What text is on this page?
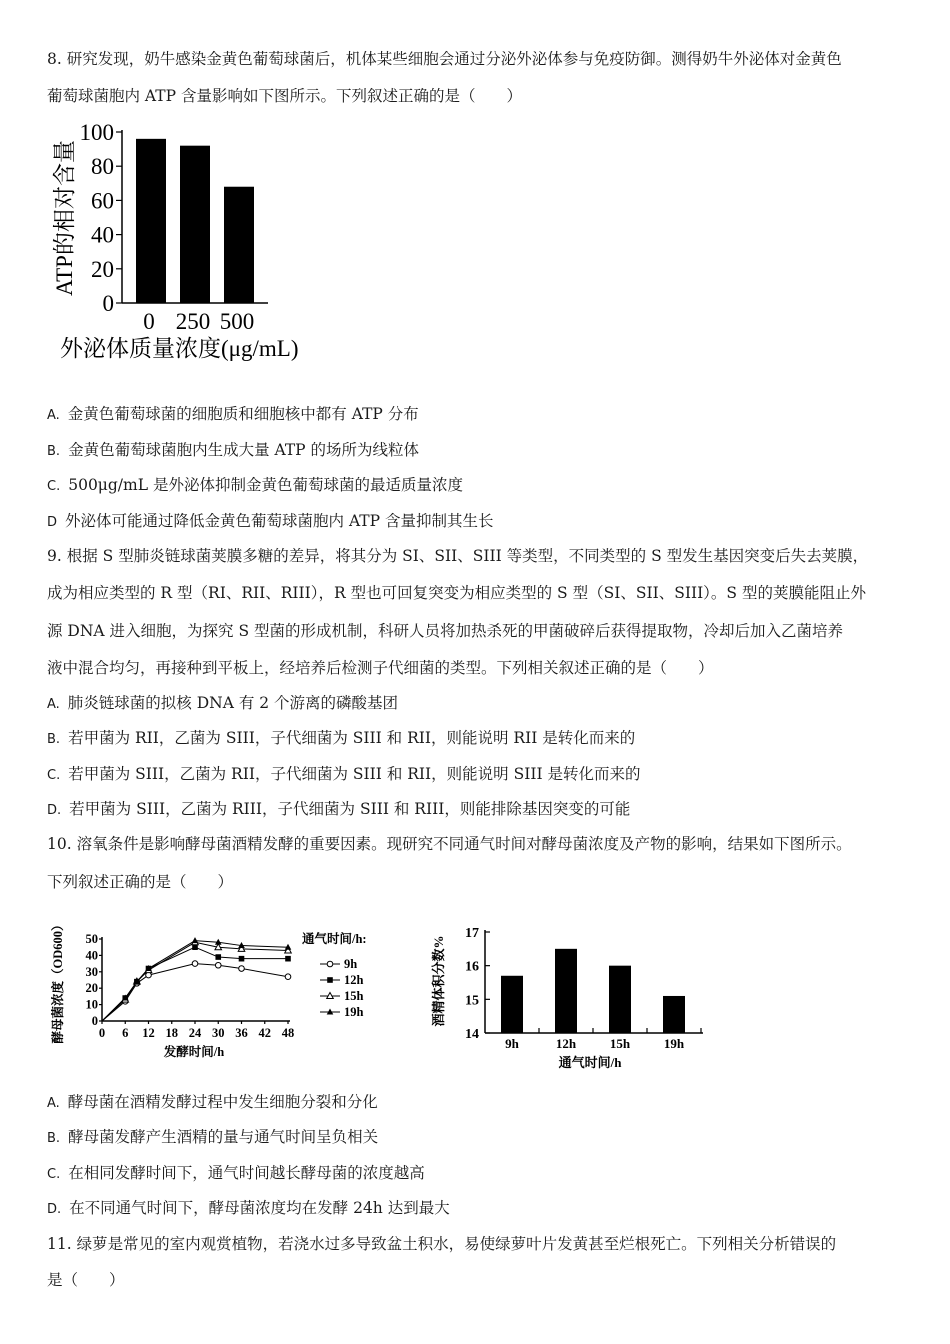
8. 研究发现，奶牛感染金黄色葡萄球菌后，机体某些细胞会通过分泌外泌体参与免疫防御。测得奶牛外泌体对金黄色
葡萄球菌胞内 ATP 含量影响如下图所示。下列叙述正确的是（　　）
0
20
40
60
80
100
0 250 500
ATP的相对含量
外泌体质量浓度(μg/mL)
A. 金黄色葡萄球菌的细胞质和细胞核中都有 ATP 分布
B. 金黄色葡萄球菌胞内生成大量 ATP 的场所为线粒体
C. 500μg/mL 是外泌体抑制金黄色葡萄球菌的最适质量浓度
D 外泌体可能通过降低金黄色葡萄球菌胞内 ATP 含量抑制其生长
9. 根据 S 型肺炎链球菌荚膜多糖的差异，将其分为 SI、SII、SIII 等类型，不同类型的 S 型发生基因突变后失去荚膜，
成为相应类型的 R 型（RI、RII、RIII），R 型也可回复突变为相应类型的 S 型（SI、SII、SIII）。S 型的荚膜能阻止外
源 DNA 进入细胞，为探究 S 型菌的形成机制，科研人员将加热杀死的甲菌破碎后获得提取物，冷却后加入乙菌培养
液中混合均匀，再接种到平板上，经培养后检测子代细菌的类型。下列相关叙述正确的是（　　）
A. 肺炎链球菌的拟核 DNA 有 2 个游离的磷酸基团
B. 若甲菌为 RII，乙菌为 SIII，子代细菌为 SIII 和 RII，则能说明 RII 是转化而来的
C. 若甲菌为 SIII，乙菌为 RII，子代细菌为 SIII 和 RII，则能说明 SIII 是转化而来的
D. 若甲菌为 SIII，乙菌为 RIII，子代细菌为 SIII 和 RIII，则能排除基因突变的可能
10. 溶氧条件是影响酵母菌酒精发酵的重要因素。现研究不同通气时间对酵母菌浓度及产物的影响，结果如下图所示。
下列叙述正确的是（　　）
0
10
20
30
40
50
0 6 12 18 24 30 36 42 48
酵母菌浓度（OD600）
发酵时间/h
9h
12h
15h
19h
通气时间/h:
14
15
16
17
9h	12h	15h	19h
酒精体积分数%
通气时间/h
A. 酵母菌在酒精发酵过程中发生细胞分裂和分化
B. 酵母菌发酵产生酒精的量与通气时间呈负相关
C. 在相同发酵时间下，通气时间越长酵母菌的浓度越高
D. 在不同通气时间下，酵母菌浓度均在发酵 24h 达到最大
11. 绿萝是常见的室内观赏植物，若浇水过多导致盆土积水，易使绿萝叶片发黄甚至烂根死亡。下列相关分析错误的
是（　　）
